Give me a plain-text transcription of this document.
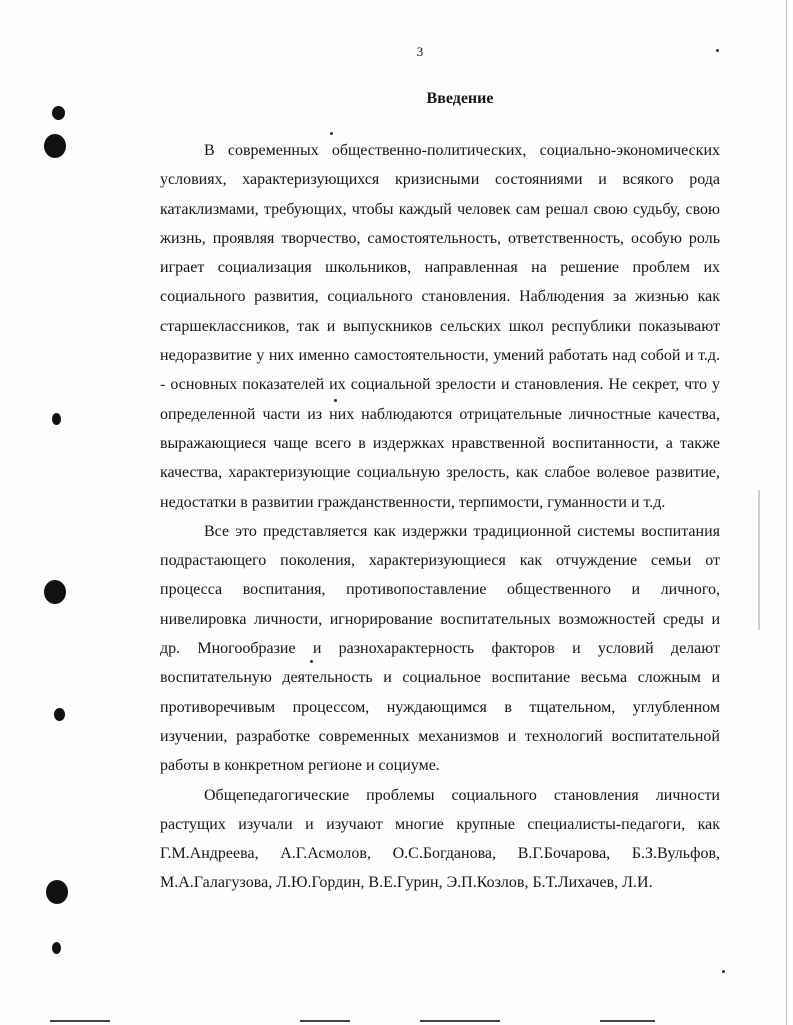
3
Введение

В современных общественно-политических, социально-экономических условиях, характеризующихся кризисными состояниями и всякого рода катаклизмами, требующих, чтобы каждый человек сам решал свою судьбу, свою жизнь, проявляя творчество, самостоятельность, ответственность, особую роль играет социализация школьников, направленная на решение проблем их социального развития, социального становления. Наблюдения за жизнью как старшеклассников, так и выпускников сельских школ республики показывают недоразвитие у них именно самостоятельности, умений работать над собой и т.д. - основных показателей их социальной зрелости и становления. Не секрет, что у определенной части из них наблюдаются отрицательные личностные качества, выражающиеся чаще всего в издержках нравственной воспитанности, а также качества, характеризующие социальную зрелость, как слабое волевое развитие, недостатки в развитии гражданственности, терпимости, гуманности и т.д.

Все это представляется как издержки традиционной системы воспитания подрастающего поколения, характеризующиеся как отчуждение семьи от процесса воспитания, противопоставление общественного и личного, нивелировка личности, игнорирование воспитательных возможностей среды и др. Многообразие и разнохарактерность факторов и условий делают воспитательную деятельность и социальное воспитание весьма сложным и противоречивым процессом, нуждающимся в тщательном, углубленном изучении, разработке современных механизмов и технологий воспитательной работы в конкретном регионе и социуме.

Общепедагогические проблемы социального становления личности растущих изучали и изучают многие крупные специалисты-педагоги, как Г.М.Андреева, А.Г.Асмолов, О.С.Богданова, В.Г.Бочарова, Б.З.Вульфов, М.А.Галагузова, Л.Ю.Гордин, В.Е.Гурин, Э.П.Козлов, Б.Т.Лихачев, Л.И.
